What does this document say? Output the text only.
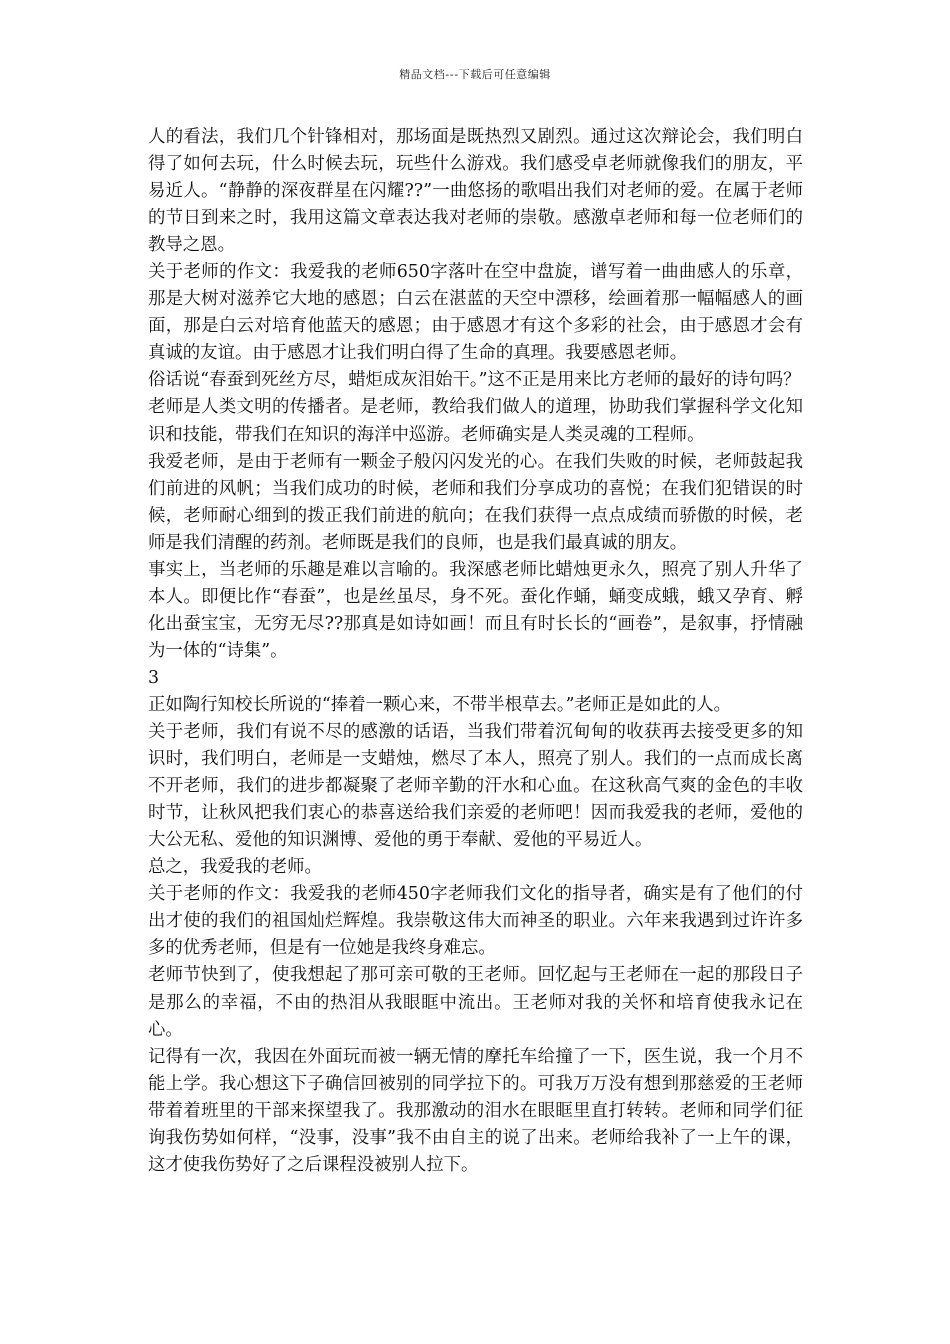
精品文档---下载后可任意编辑

人的看法，我们几个针锋相对，那场面是既热烈又剧烈。通过这次辩论会，我们明白得了如何去玩，什么时候去玩，玩些什么游戏。我们感受卓老师就像我们的朋友，平易近人。“静静的深夜群星在闪耀??”一曲悠扬的歌唱出我们对老师的爱。在属于老师的节日到来之时，我用这篇文章表达我对老师的崇敬。感激卓老师和每一位老师们的教导之恩。

关于老师的作文：我爱我的老师650字落叶在空中盘旋，谱写着一曲曲感人的乐章，那是大树对滋养它大地的感恩；白云在湛蓝的天空中漂移，绘画着那一幅幅感人的画面，那是白云对培育他蓝天的感恩；由于感恩才有这个多彩的社会，由于感恩才会有真诚的友谊。由于感恩才让我们明白得了生命的真理。我要感恩老师。

俗话说“春蚕到死丝方尽，蜡炬成灰泪始干。”这不正是用来比方老师的最好的诗句吗？

老师是人类文明的传播者。是老师，教给我们做人的道理，协助我们掌握科学文化知识和技能，带我们在知识的海洋中巡游。老师确实是人类灵魂的工程师。

我爱老师，是由于老师有一颗金子般闪闪发光的心。在我们失败的时候，老师鼓起我们前进的风帆；当我们成功的时候，老师和我们分享成功的喜悦；在我们犯错误的时候，老师耐心细到的拨正我们前进的航向；在我们获得一点点成绩而骄傲的时候，老师是我们清醒的药剂。老师既是我们的良师，也是我们最真诚的朋友。

事实上，当老师的乐趣是难以言喻的。我深感老师比蜡烛更永久，照亮了别人升华了本人。即便比作“春蚕”，也是丝虽尽，身不死。蚕化作蛹，蛹变成蛾，蛾又孕育、孵化出蚕宝宝，无穷无尽??那真是如诗如画！而且有时长长的“画卷”，是叙事，抒情融为一体的“诗集”。

3

正如陶行知校长所说的“捧着一颗心来，不带半根草去。”老师正是如此的人。

关于老师，我们有说不尽的感激的话语，当我们带着沉甸甸的收获再去接受更多的知识时，我们明白，老师是一支蜡烛，燃尽了本人，照亮了别人。我们的一点而成长离不开老师，我们的进步都凝聚了老师辛勤的汗水和心血。在这秋高气爽的金色的丰收时节，让秋风把我们衷心的恭喜送给我们亲爱的老师吧！因而我爱我的老师，爱他的大公无私、爱他的知识渊博、爱他的勇于奉献、爱他的平易近人。

总之，我爱我的老师。

关于老师的作文：我爱我的老师450字老师我们文化的指导者，确实是有了他们的付出才使的我们的祖国灿烂辉煌。我崇敬这伟大而神圣的职业。六年来我遇到过许许多多的优秀老师，但是有一位她是我终身难忘。

老师节快到了，使我想起了那可亲可敬的王老师。回忆起与王老师在一起的那段日子是那么的幸福，不由的热泪从我眼眶中流出。王老师对我的关怀和培育使我永记在心。

记得有一次，我因在外面玩而被一辆无情的摩托车给撞了一下，医生说，我一个月不能上学。我心想这下子确信回被别的同学拉下的。可我万万没有想到那慈爱的王老师带着着班里的干部来探望我了。我那激动的泪水在眼眶里直打转转。老师和同学们征询我伤势如何样，“没事，没事”我不由自主的说了出来。老师给我补了一上午的课，这才使我伤势好了之后课程没被别人拉下。
